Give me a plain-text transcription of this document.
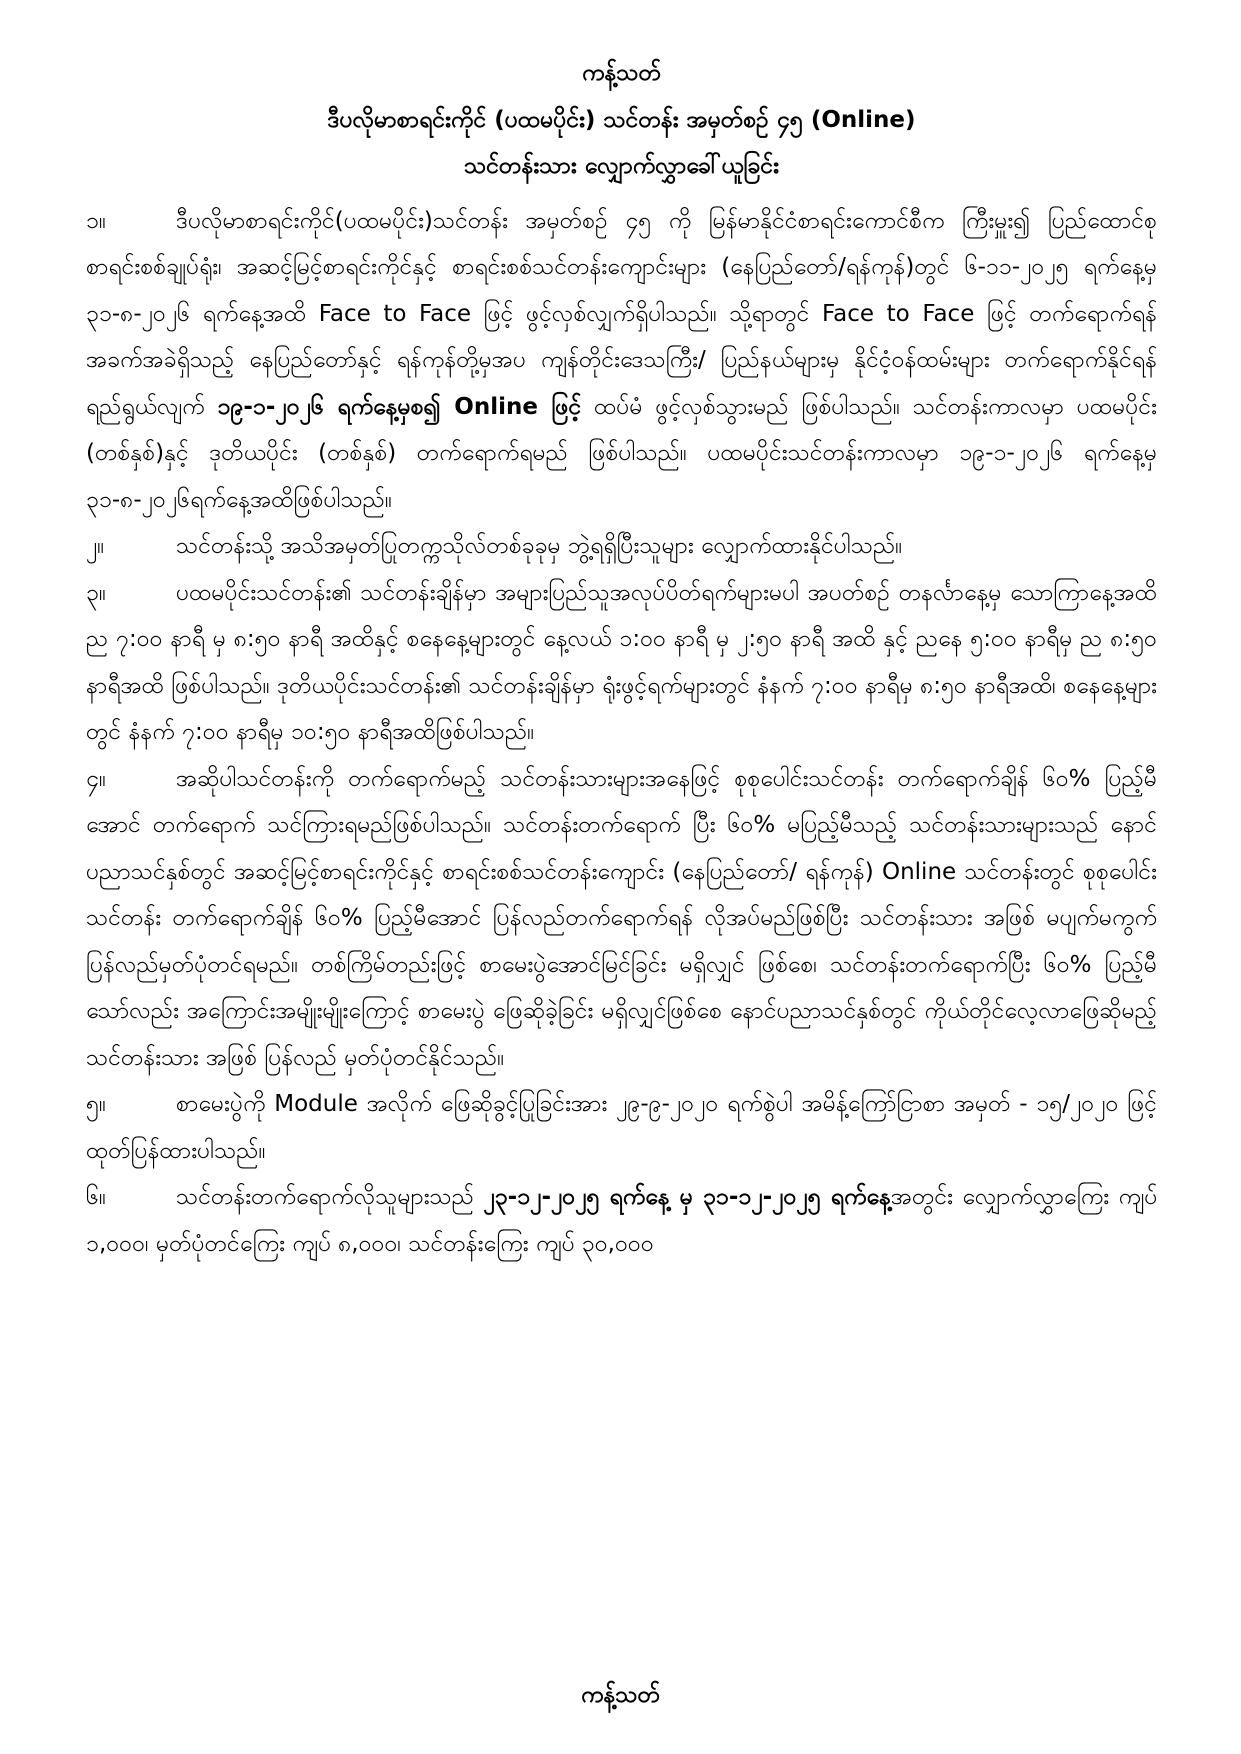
ကန့်သတ်
ဒီပလိုမာစာရင်းကိုင် (ပထမပိုင်း) သင်တန်း အမှတ်စဉ် ၄၅ (Online)
သင်တန်းသား လျှောက်လွှာခေါ်ယူခြင်း

၁။	ဒီပလိုမာစာရင်းကိုင်(ပထမပိုင်း)သင်တန်း အမှတ်စဉ် ၄၅ ကို မြန်မာနိုင်ငံစာရင်းကောင်စီက ကြီးမှူး၍ ပြည်ထောင်စုစာရင်းစစ်ချုပ်ရုံး၊ အဆင့်မြင့်စာရင်းကိုင်နှင့် စာရင်းစစ်သင်တန်းကျောင်းများ (နေပြည်တော်/ရန်ကုန်)တွင် ၆-၁၁-၂၀၂၅ ရက်နေ့မှ ၃၁-၈-၂၀၂၆ ရက်နေ့အထိ Face to Face ဖြင့် ဖွင့်လှစ်လျှက်ရှိပါသည်။ သို့ရာတွင် Face to Face ဖြင့် တက်ရောက်ရန် အခက်အခဲရှိသည့် နေပြည်တော်နှင့် ရန်ကုန်တို့မှအပ ကျန်တိုင်းဒေသကြီး/ ပြည်နယ်များမှ နိုင်ငံ့ဝန်ထမ်းများ တက်ရောက်နိုင်ရန် ရည်ရွယ်လျက် ၁၉-၁-၂၀၂၆ ရက်နေ့မှစ၍ Online ဖြင့် ထပ်မံ ဖွင့်လှစ်သွားမည် ဖြစ်ပါသည်။ သင်တန်းကာလမှာ ပထမပိုင်း (တစ်နှစ်)နှင့် ဒုတိယပိုင်း (တစ်နှစ်) တက်ရောက်ရမည် ဖြစ်ပါသည်။ ပထမပိုင်းသင်တန်းကာလမှာ ၁၉-၁-၂၀၂၆ ရက်နေ့မှ ၃၁-၈-၂၀၂၆ရက်နေ့အထိဖြစ်ပါသည်။

၂။	သင်တန်းသို့ အသိအမှတ်ပြုတက္ကသိုလ်တစ်ခုခုမှ ဘွဲ့ရရှိပြီးသူများ လျှောက်ထားနိုင်ပါသည်။

၃။	ပထမပိုင်းသင်တန်း၏ သင်တန်းချိန်မှာ အများပြည်သူအလုပ်ပိတ်ရက်များမပါ အပတ်စဉ် တနင်္လာနေ့မှ သောကြာနေ့အထိ ည ၇:၀၀ နာရီ မှ ၈:၅၀ နာရီ အထိနှင့် စနေနေ့များတွင် နေ့လယ် ၁:၀၀ နာရီ မှ ၂:၅၀ နာရီ အထိ နှင့် ညနေ ၅:၀၀ နာရီမှ ည ၈:၅၀ နာရီအထိ ဖြစ်ပါသည်။ ဒုတိယပိုင်းသင်တန်း၏ သင်တန်းချိန်မှာ ရုံးဖွင့်ရက်များတွင် နံနက် ၇:၀၀ နာရီမှ ၈:၅၀ နာရီအထိ၊ စနေနေ့များတွင် နံနက် ၇:၀၀ နာရီမှ ၁၀:၅၀ နာရီအထိဖြစ်ပါသည်။

၄။	အဆိုပါသင်တန်းကို တက်ရောက်မည့် သင်တန်းသားများအနေဖြင့် စုစုပေါင်းသင်တန်း တက်ရောက်ချိန် ၆၀% ပြည့်မီအောင် တက်ရောက် သင်ကြားရမည်ဖြစ်ပါသည်။ သင်တန်းတက်ရောက် ပြီး ၆၀% မပြည့်မီသည့် သင်တန်းသားများသည် နောင်ပညာသင်နှစ်တွင် အဆင့်မြင့်စာရင်းကိုင်နှင့် စာရင်းစစ်သင်တန်းကျောင်း (နေပြည်တော်/ ရန်ကုန်) Online သင်တန်းတွင် စုစုပေါင်းသင်တန်း တက်ရောက်ချိန် ၆၀% ပြည့်မီအောင် ပြန်လည်တက်ရောက်ရန် လိုအပ်မည်ဖြစ်ပြီး သင်တန်းသား အဖြစ် မပျက်မကွက် ပြန်လည်မှတ်ပုံတင်ရမည်။ တစ်ကြိမ်တည်းဖြင့် စာမေးပွဲအောင်မြင်ခြင်း မရှိလျှင် ဖြစ်စေ၊ သင်တန်းတက်ရောက်ပြီး ၆၀% ပြည့်မီသော်လည်း အကြောင်းအမျိုးမျိုးကြောင့် စာမေးပွဲ ဖြေဆိုခဲ့ခြင်း မရှိလျှင်ဖြစ်စေ နောင်ပညာသင်နှစ်တွင် ကိုယ်တိုင်လေ့လာဖြေဆိုမည့် သင်တန်းသား အဖြစ် ပြန်လည် မှတ်ပုံတင်နိုင်သည်။

၅။	စာမေးပွဲကို Module အလိုက် ဖြေဆိုခွင့်ပြုခြင်းအား ၂၉-၉-၂၀၂၀ ရက်စွဲပါ အမိန့်ကြော်ငြာစာ အမှတ် - ၁၅/၂၀၂၀ ဖြင့် ထုတ်ပြန်ထားပါသည်။

၆။	သင်တန်းတက်ရောက်လိုသူများသည် ၂၃-၁၂-၂၀၂၅ ရက်နေ့ မှ ၃၁-၁၂-၂၀၂၅ ရက်နေ့အတွင်း လျှောက်လွှာကြေး ကျပ် ၁,၀၀၀၊ မှတ်ပုံတင်ကြေး ကျပ် ၈,၀၀၀၊ သင်တန်းကြေး ကျပ် ၃၀,၀၀၀

ကန့်သတ်
